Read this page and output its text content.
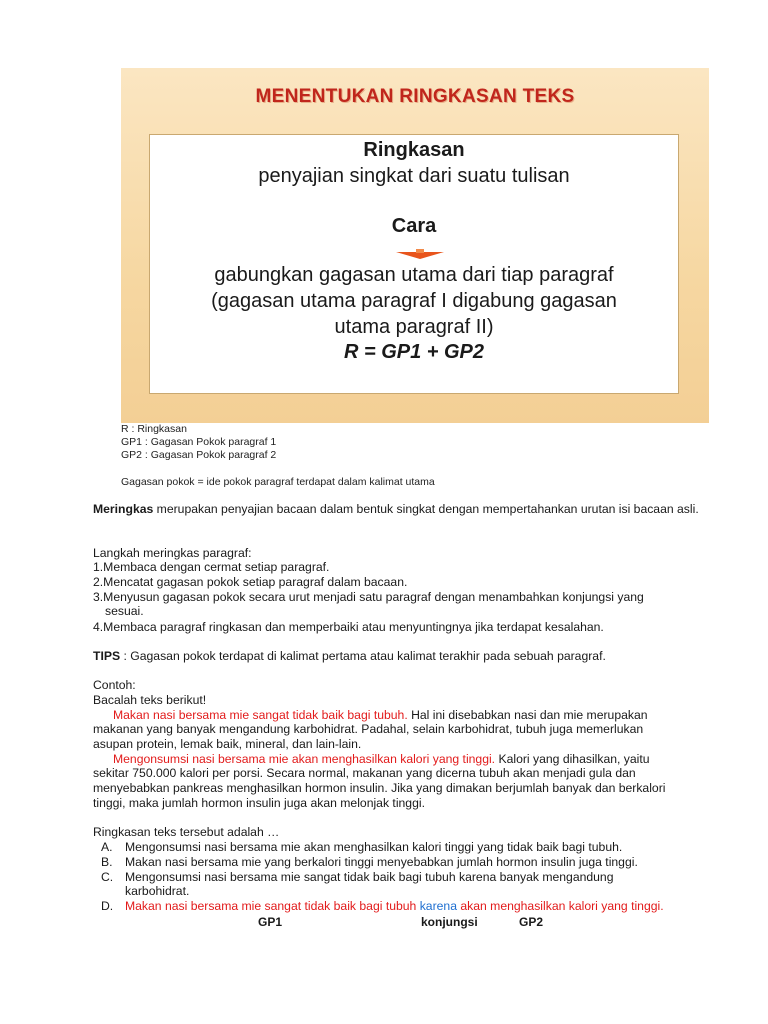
MENENTUKAN RINGKASAN TEKS
Ringkasan
penyajian singkat dari suatu tulisan
Cara
gabungkan gagasan utama dari tiap paragraf
(gagasan utama paragraf I digabung gagasan
utama paragraf II)
R = GP1 + GP2
R : Ringkasan
GP1 : Gagasan Pokok paragraf 1
GP2 : Gagasan Pokok paragraf 2
Gagasan pokok = ide pokok paragraf terdapat dalam kalimat utama
Meringkas merupakan penyajian bacaan dalam bentuk singkat dengan mempertahankan urutan isi bacaan asli.
Langkah meringkas paragraf:
1.Membaca dengan cermat setiap paragraf.
2.Mencatat gagasan pokok setiap paragraf dalam bacaan.
3.Menyusun gagasan pokok secara urut menjadi satu paragraf dengan menambahkan konjungsi yang
sesuai.
4.Membaca paragraf ringkasan dan memperbaiki atau menyuntingnya jika terdapat kesalahan.
TIPS : Gagasan pokok terdapat di kalimat pertama atau kalimat terakhir pada sebuah paragraf.
Contoh:
Bacalah teks berikut!
Makan nasi bersama mie sangat tidak baik bagi tubuh. Hal ini disebabkan nasi dan mie merupakan
makanan yang banyak mengandung karbohidrat. Padahal, selain karbohidrat, tubuh juga memerlukan
asupan protein, lemak baik, mineral, dan lain-lain.
Mengonsumsi nasi bersama mie akan menghasilkan kalori yang tinggi. Kalori yang dihasilkan, yaitu
sekitar 750.000 kalori per porsi. Secara normal, makanan yang dicerna tubuh akan menjadi gula dan
menyebabkan pankreas menghasilkan hormon insulin. Jika yang dimakan berjumlah banyak dan berkalori
tinggi, maka jumlah hormon insulin juga akan melonjak tinggi.
Ringkasan teks tersebut adalah …
A. Mengonsumsi nasi bersama mie akan menghasilkan kalori tinggi yang tidak baik bagi tubuh.
B. Makan nasi bersama mie yang berkalori tinggi menyebabkan jumlah hormon insulin juga tinggi.
C. Mengonsumsi nasi bersama mie sangat tidak baik bagi tubuh karena banyak mengandung
karbohidrat.
D. Makan nasi bersama mie sangat tidak baik bagi tubuh karena akan menghasilkan kalori yang tinggi.
GP1	konjungsi	GP2
